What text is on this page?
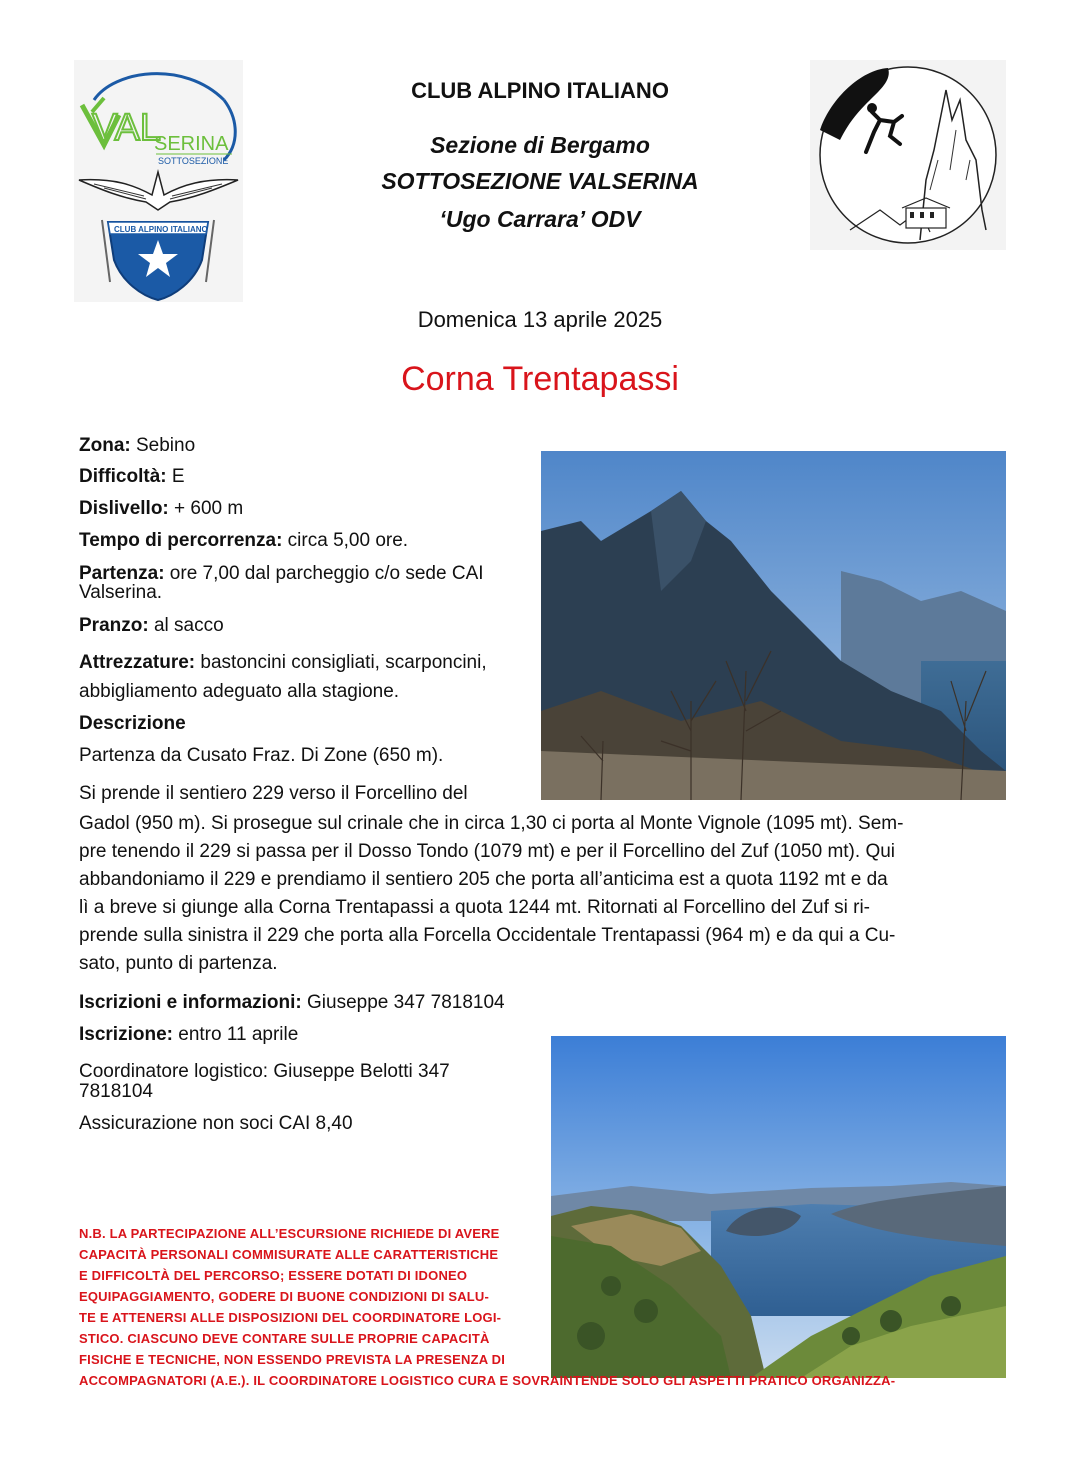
VAL
SERINA
SOTTOSEZIONE
CLUB ALPINO ITALIANO
CLUB ALPINO ITALIANO
Sezione di Bergamo
SOTTOSEZIONE VALSERINA
‘Ugo Carrara’ ODV
Domenica 13 aprile 2025
Corna Trentapassi
Zona: Sebino
Difficoltà: E
Dislivello: + 600 m
Tempo di percorrenza: circa 5,00 ore.
Partenza: ore 7,00 dal parcheggio c/o sede CAI
Valserina.
Pranzo: al sacco
Attrezzature: bastoncini consigliati, scarponcini,
abbigliamento adeguato alla stagione.
Descrizione
Partenza da Cusato Fraz. Di Zone (650 m).
Si prende il sentiero 229 verso il Forcellino del
Gadol (950 m). Si prosegue sul crinale che in circa 1,30 ci porta al Monte Vignole (1095 mt). Sem-
pre tenendo il 229 si passa per il Dosso Tondo (1079 mt) e per il Forcellino del Zuf (1050 mt). Qui
abbandoniamo il 229 e prendiamo il sentiero 205 che porta all’anticima est a quota 1192 mt e da
lì a breve si giunge alla Corna Trentapassi a quota 1244 mt. Ritornati al Forcellino del Zuf si ri-
prende sulla sinistra il 229 che porta alla Forcella Occidentale Trentapassi (964 m) e da qui a Cu-
sato, punto di partenza.
Iscrizioni e informazioni: Giuseppe 347 7818104
Iscrizione: entro 11 aprile
Coordinatore logistico: Giuseppe Belotti 347
7818104
Assicurazione non soci CAI 8,40
N.B. LA PARTECIPAZIONE ALL’ESCURSIONE RICHIEDE DI AVERE
CAPACITÀ PERSONALI COMMISURATE ALLE CARATTERISTICHE
E DIFFICOLTÀ DEL PERCORSO; ESSERE DOTATI DI IDONEO
EQUIPAGGIAMENTO, GODERE DI BUONE CONDIZIONI DI SALU-
TE E ATTENERSI ALLE DISPOSIZIONI DEL COORDINATORE LOGI-
STICO. CIASCUNO DEVE CONTARE SULLE PROPRIE CAPACITÀ
FISICHE E TECNICHE, NON ESSENDO PREVISTA LA PRESENZA DI
ACCOMPAGNATORI (A.E.). IL COORDINATORE LOGISTICO CURA E SOVRAINTENDE SOLO GLI ASPETTI PRATICO ORGANIZZA-
